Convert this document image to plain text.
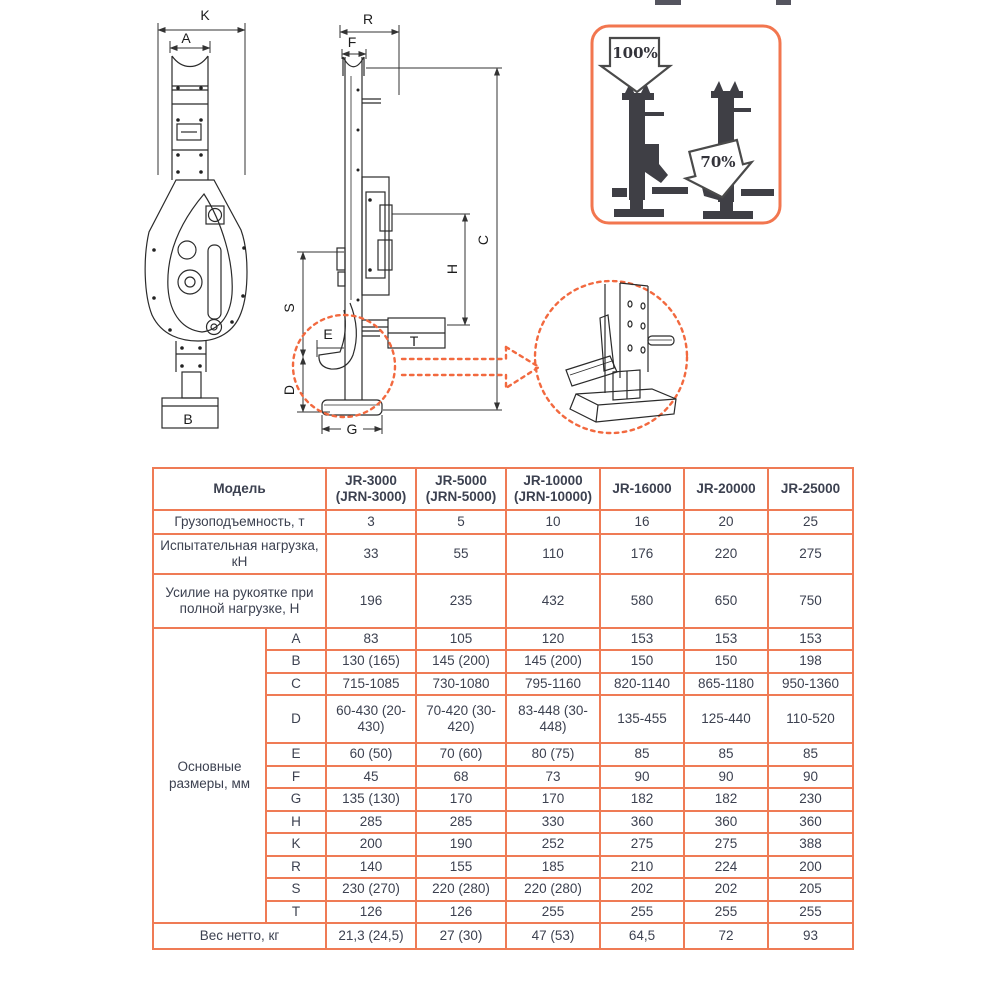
K
A
B
R
F
T
C
H
S
D
E
G
100%
70%
Модель		JR-3000 (JRN-3000)	JR-5000 (JRN-5000)	JR-10000 (JRN-10000)	JR-16000	JR-20000	JR-25000
Грузоподъемность, т		3	5	10	16	20	25
Испытательная нагрузка, кН		33	55	110	176	220	275
Усилие на рукоятке при полной нагрузке, Н		196	235	432	580	650	750
Основные размеры, мм	A	83	105	120	153	153	153
	B	130 (165)	145 (200)	145 (200)	150	150	198
	C	715-1085	730-1080	795-1160	820-1140	865-1180	950-1360
	D	60-430 (20-430)	70-420 (30-420)	83-448 (30-448)	135-455	125-440	110-520
	E	60 (50)	70 (60)	80 (75)	85	85	85
	F	45	68	73	90	90	90
	G	135 (130)	170	170	182	182	230
	H	285	285	330	360	360	360
	K	200	190	252	275	275	388
	R	140	155	185	210	224	200
	S	230 (270)	220 (280)	220 (280)	202	202	205
	T	126	126	255	255	255	255
Вес нетто, кг		21,3 (24,5)	27 (30)	47 (53)	64,5	72	93
